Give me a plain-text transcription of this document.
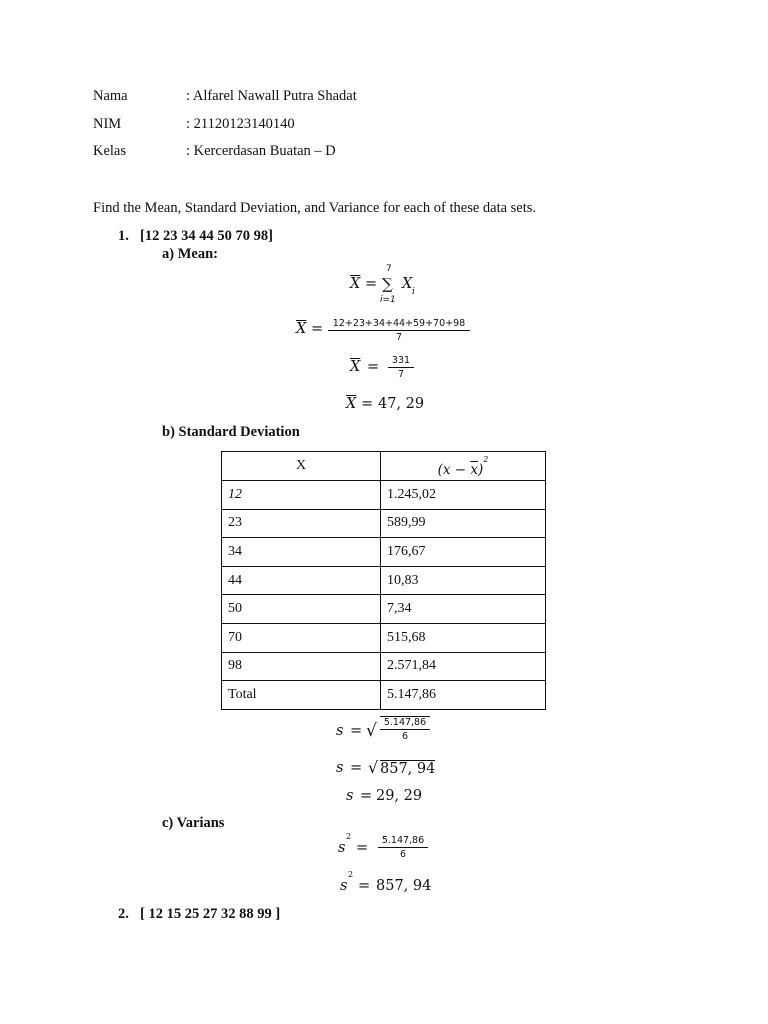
Nama	: Alfarel Nawall Putra Shadat
NIM	: 21120123140140
Kelas	: Kercerdasan Buatan – D
Find the Mean, Standard Deviation, and Variance for each of these data sets.
1. [12 23 34 44 50 70 98]
a) Mean:
$\overline{X}$ =
7
∑
i=1
X i
$\overline{X} = 12+23+34+44+59+70+98$
7
$\overline{X} = 331$
7
$\overline{X} = 47$, 29
b) Standard Deviation
X	$(x - \overline{x})^2$
12	1.245,02
23	589,99
34	176,67
44	10,83
50	7,34
70	515,68
98	2.571,84
Total	5.147,86
s = √ 5.147,86
6
s = √ 857, 94
s = 29, 29
c) Varians
s
2
= 5.147,86
6
s
2
= 857, 94
2. [ 12 15 25 27 32 88 99 ]
